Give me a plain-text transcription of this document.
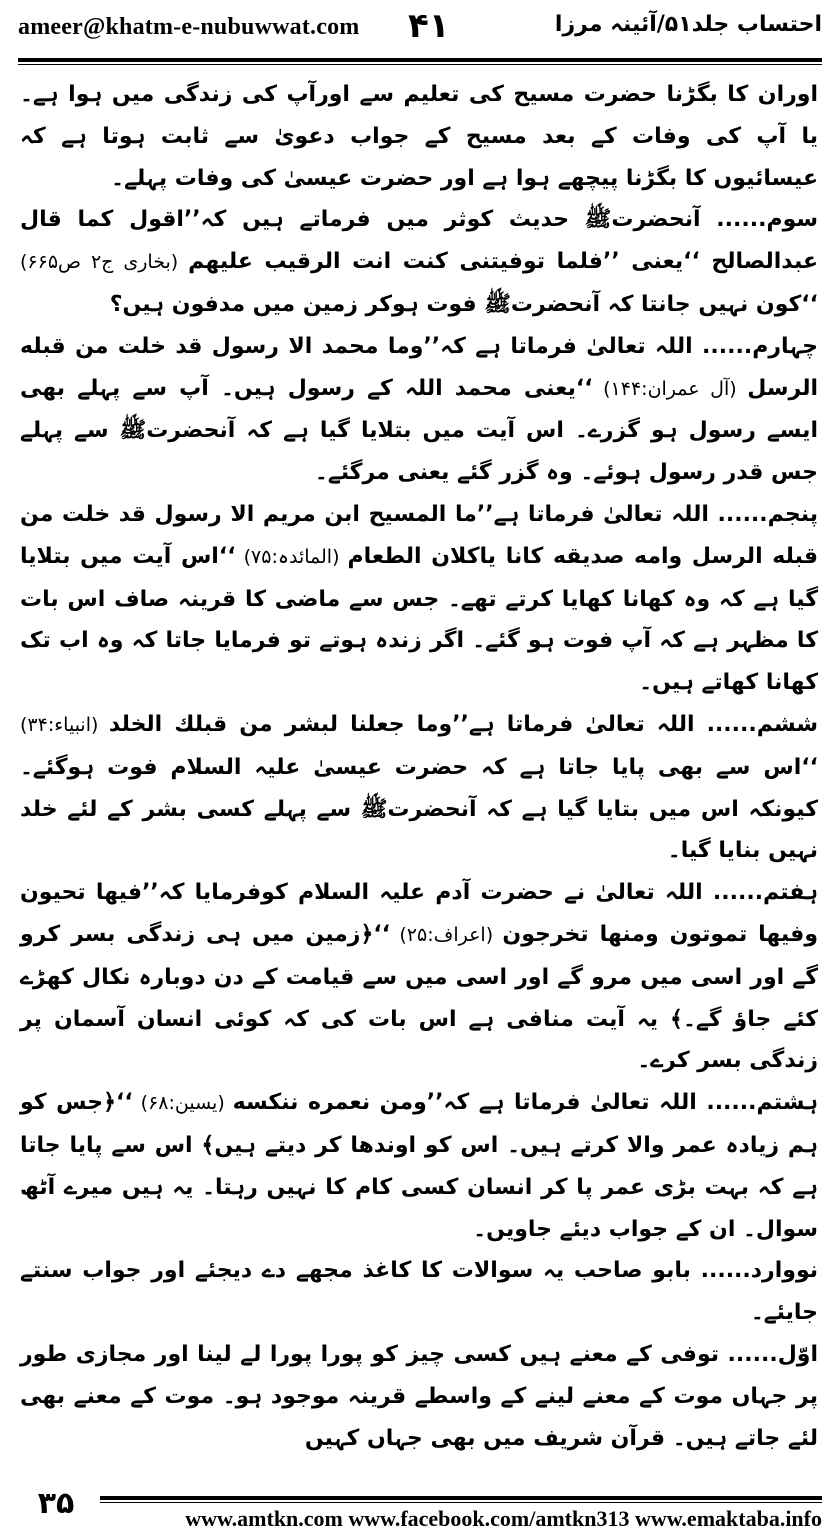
ameer@khatm-e-nubuwwat.com ۴۱	احتساب جلد۵۱/آئینہ مرزا

اوران کا بگڑنا حضرت مسیح کی تعلیم سے اورآپ کی زندگی میں ہوا ہے۔ یا آپ کی وفات کے بعد مسیح کے جواب دعویٰ سے ثابت ہوتا ہے کہ عیسائیوں کا بگڑنا پیچھے ہوا ہے اور حضرت عیسیٰ کی وفات پہلے۔

سوم...... آنحضرتﷺ حدیث کوثر میں فرماتے ہیں کہ’’اقول کما قال عبدالصالح ‘‘یعنی ’’فلما توفیتنی کنت انت الرقیب علیهم (بخاری ج۲ ص۶۶۵) ‘‘کون نہیں جانتا کہ آنحضرتﷺ فوت ہوکر زمین میں مدفون ہیں؟

چہارم...... اللہ تعالیٰ فرماتا ہے کہ’’وما محمد الا رسول قد خلت من قبله الرسل (آل عمران:۱۴۴) ‘‘یعنی محمد اللہ کے رسول ہیں۔ آپ سے پہلے بھی ایسے رسول ہو گزرے۔ اس آیت میں بتلایا گیا ہے کہ آنحضرتﷺ سے پہلے جس قدر رسول ہوئے۔ وہ گزر گئے یعنی مرگئے۔

پنجم...... اللہ تعالیٰ فرماتا ہے’’ما المسیح ابن مریم الا رسول قد خلت من قبله الرسل وامه صدیقه کانا یاکلان الطعام (المائدہ:۷۵) ‘‘اس آیت میں بتلایا گیا ہے کہ وہ کھانا کھایا کرتے تھے۔ جس سے ماضی کا قرینہ صاف اس بات کا مظہر ہے کہ آپ فوت ہو گئے۔ اگر زندہ ہوتے تو فرمایا جاتا کہ وہ اب تک کھانا کھاتے ہیں۔

ششم...... اللہ تعالیٰ فرماتا ہے’’وما جعلنا لبشر من قبلك الخلد (انبیاء:۳۴) ‘‘اس سے بھی پایا جاتا ہے کہ حضرت عیسیٰ علیہ السلام فوت ہوگئے۔ کیونکہ اس میں بتایا گیا ہے کہ آنحضرتﷺ سے پہلے کسی بشر کے لئے خلد نہیں بنایا گیا۔

ہفتم...... اللہ تعالیٰ نے حضرت آدم علیہ السلام کوفرمایا کہ’’فیها تحیون وفیها تموتون ومنها تخرجون (اعراف:۲۵) ‘‘﴿زمین میں ہی زندگی بسر کرو گے اور اسی میں مرو گے اور اسی میں سے قیامت کے دن دوبارہ نکال کھڑے کئے جاؤ گے۔﴾ یہ آیت منافی ہے اس بات کی کہ کوئی انسان آسمان پر زندگی بسر کرے۔

ہشتم...... اللہ تعالیٰ فرماتا ہے کہ’’ومن نعمره ننکسه (یسین:۶۸) ‘‘﴿جس کو ہم زیادہ عمر والا کرتے ہیں۔ اس کو اوندھا کر دیتے ہیں﴾ اس سے پایا جاتا ہے کہ بہت بڑی عمر پا کر انسان کسی کام کا نہیں رہتا۔ یہ ہیں میرے آٹھ سوال۔ ان کے جواب دیئے جاویں۔

نووارد...... بابو صاحب یہ سوالات کا کاغذ مجھے دے دیجئے اور جواب سنتے جایئے۔

اوّل...... توفی کے معنے ہیں کسی چیز کو پورا پورا لے لینا اور مجازی طور پر جہاں موت کے معنے لینے کے واسطے قرینہ موجود ہو۔ موت کے معنے بھی لئے جاتے ہیں۔ قرآن شریف میں بھی جہاں کہیں

۳۵	www.amtkn.com www.facebook.com/amtkn313 www.emaktaba.info
